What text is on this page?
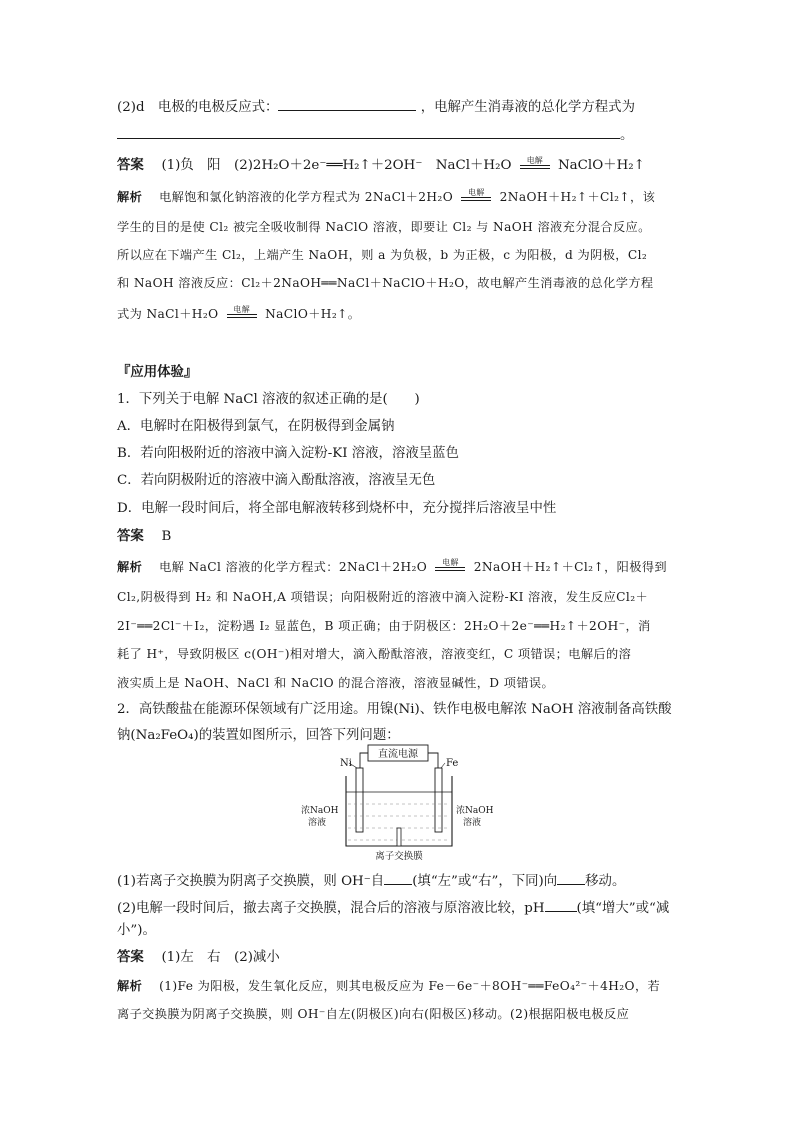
(2)d　电极的电极反应式：	，电解产生消毒液的总化学方程式为
。
答案　 (1)负　阳　(2)2H₂O＋2e⁻══H₂↑＋2OH⁻　NaCl＋H₂O 电解 NaClO＋H₂↑
解析　 电解饱和氯化钠溶液的化学方程式为 2NaCl＋2H₂O 电解 2NaOH＋H₂↑＋Cl₂↑，该
学生的目的是使 Cl₂ 被完全吸收制得 NaClO 溶液，即要让 Cl₂ 与 NaOH 溶液充分混合反应。
所以应在下端产生 Cl₂，上端产生 NaOH，则 a 为负极，b 为正极，c 为阳极，d 为阴极，Cl₂
和 NaOH 溶液反应：Cl₂＋2NaOH══NaCl＋NaClO＋H₂O，故电解产生消毒液的总化学方程
式为 NaCl＋H₂O 电解 NaClO＋H₂↑。
『应用体验』
1．下列关于电解 NaCl 溶液的叙述正确的是(　　)
A．电解时在阳极得到氯气，在阴极得到金属钠
B．若向阳极附近的溶液中滴入淀粉-KI 溶液，溶液呈蓝色
C．若向阴极附近的溶液中滴入酚酞溶液，溶液呈无色
D．电解一段时间后，将全部电解液转移到烧杯中，充分搅拌后溶液呈中性
答案　 B
解析　 电解 NaCl 溶液的化学方程式：2NaCl＋2H₂O 电解 2NaOH＋H₂↑＋Cl₂↑，阳极得到
Cl₂,阴极得到 H₂ 和 NaOH,A 项错误；向阳极附近的溶液中滴入淀粉-KI 溶液，发生反应Cl₂＋
2I⁻══2Cl⁻＋I₂，淀粉遇 I₂ 显蓝色，B 项正确；由于阴极区：2H₂O＋2e⁻══H₂↑＋2OH⁻，消
耗了 H⁺，导致阴极区 c(OH⁻)相对增大，滴入酚酞溶液，溶液变红，C 项错误；电解后的溶
液实质上是 NaOH、NaCl 和 NaClO 的混合溶液，溶液显碱性，D 项错误。
2．高铁酸盐在能源环保领域有广泛用途。用镍(Ni)、铁作电极电解浓 NaOH 溶液制备高铁酸
钠(Na₂FeO₄)的装置如图所示，回答下列问题：
直流电源
Ni	Fe
浓NaOH
溶液
浓NaOH
溶液
离子交换膜
(1)若离子交换膜为阴离子交换膜，则 OH⁻自 (填“左”或“右”，下同)向 移动。
(2)电解一段时间后，撤去离子交换膜，混合后的溶液与原溶液比较，pH (填“增大”或“减
小”)。
答案　 (1)左　右　(2)减小
解析　 (1)Fe 为阳极，发生氧化反应，则其电极反应为 Fe－6e⁻＋8OH⁻══FeO₄²⁻＋4H₂O，若
离子交换膜为阴离子交换膜，则 OH⁻自左(阴极区)向右(阳极区)移动。(2)根据阳极电极反应
